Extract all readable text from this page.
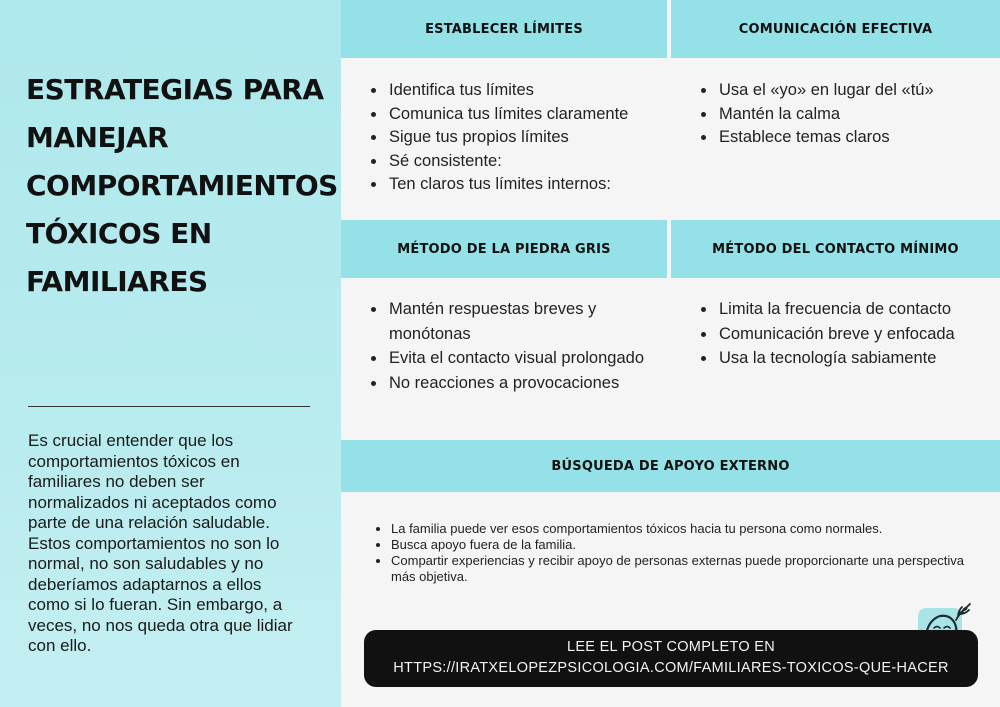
ESTRATEGIAS PARA MANEJAR COMPORTAMIENTOS TÓXICOS EN FAMILIARES

Es crucial entender que los comportamientos tóxicos en familiares no deben ser normalizados ni aceptados como parte de una relación saludable. Estos comportamientos no son lo normal, no son saludables y no deberíamos adaptarnos a ellos como si lo fueran. Sin embargo, a veces, no nos queda otra que lidiar con ello.

ESTABLECER LÍMITES	COMUNICACIÓN EFECTIVA
• Identifica tus límites
• Comunica tus límites claramente
• Sigue tus propios límites
• Sé consistente:
• Ten claros tus límites internos:
• Usa el «yo» en lugar del «tú»
• Mantén la calma
• Establece temas claros
MÉTODO DE LA PIEDRA GRIS	MÉTODO DEL CONTACTO MÍNIMO
• Mantén respuestas breves y monótonas
• Evita el contacto visual prolongado
• No reacciones a provocaciones
• Limita la frecuencia de contacto
• Comunicación breve y enfocada
• Usa la tecnología sabiamente
BÚSQUEDA DE APOYO EXTERNO
• La familia puede ver esos comportamientos tóxicos hacia tu persona como normales.
• Busca apoyo fuera de la familia.
• Compartir experiencias y recibir apoyo de personas externas puede proporcionarte una perspectiva más objetiva.
LEE EL POST COMPLETO EN
HTTPS://IRATXELOPEZPSICOLOGIA.COM/FAMILIARES-TOXICOS-QUE-HACER
